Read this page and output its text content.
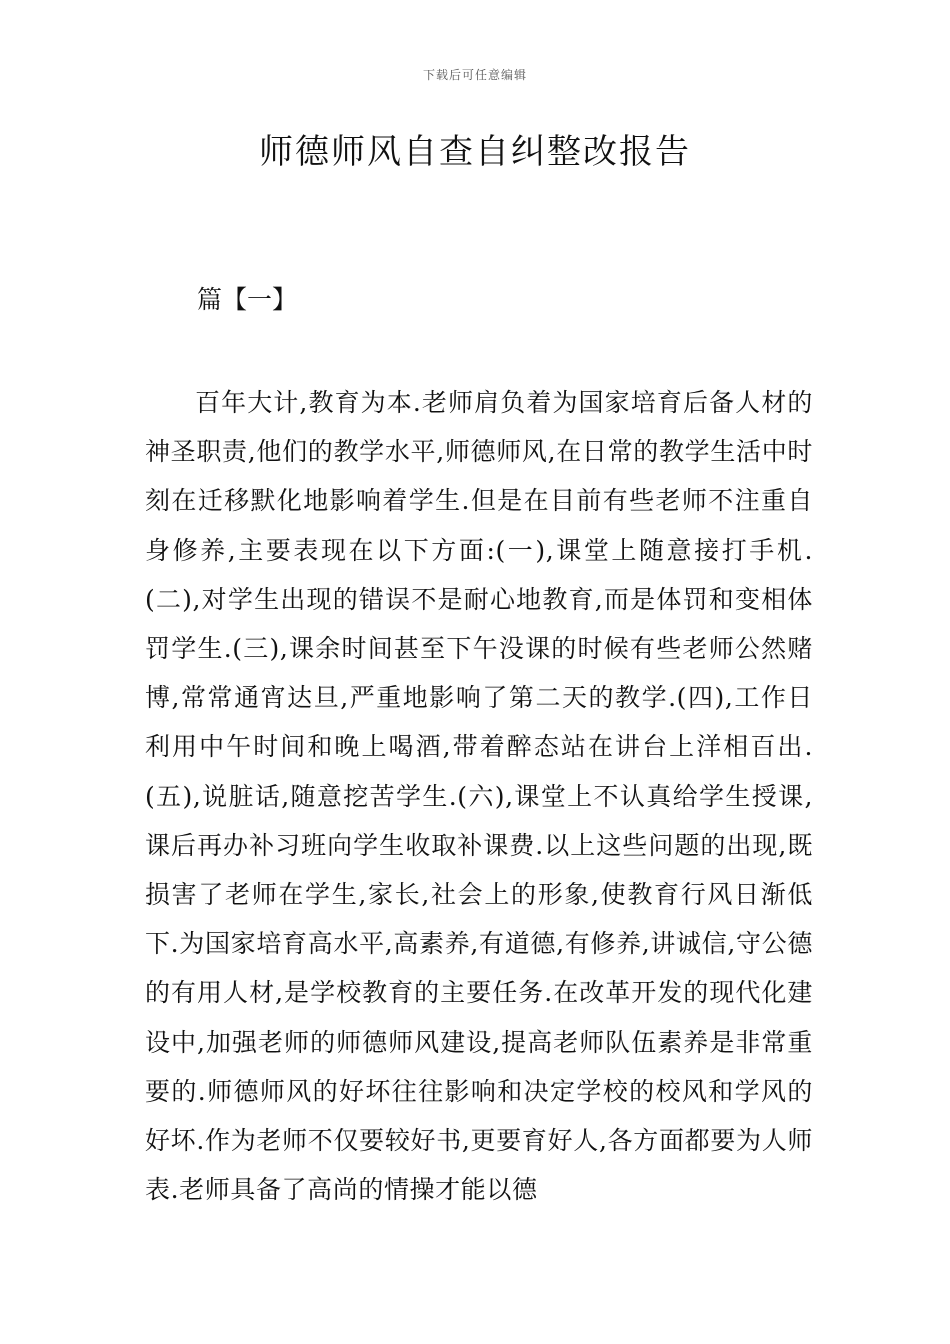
下载后可任意编辑
师德师风自查自纠整改报告
篇【一】

百年大计,教育为本.老师肩负着为国家培育后备人材的神圣职责,他们的教学水平,师德师风,在日常的教学生活中时刻在迁移默化地影响着学生.但是在目前有些老师不注重自身修养,主要表现在以下方面:(一),课堂上随意接打手机.(二),对学生出现的错误不是耐心地教育,而是体罚和变相体罚学生.(三),课余时间甚至下午没课的时候有些老师公然赌博,常常通宵达旦,严重地影响了第二天的教学.(四),工作日利用中午时间和晚上喝酒,带着醉态站在讲台上洋相百出.(五),说脏话,随意挖苦学生.(六),课堂上不认真给学生授课,课后再办补习班向学生收取补课费.以上这些问题的出现,既损害了老师在学生,家长,社会上的形象,使教育行风日渐低下.为国家培育高水平,高素养,有道德,有修养,讲诚信,守公德的有用人材,是学校教育的主要任务.在改革开发的现代化建设中,加强老师的师德师风建设,提高老师队伍素养是非常重要的.师德师风的好坏往往影响和决定学校的校风和学风的好坏.作为老师不仅要较好书,更要育好人,各方面都要为人师表.老师具备了高尚的情操才能以德
